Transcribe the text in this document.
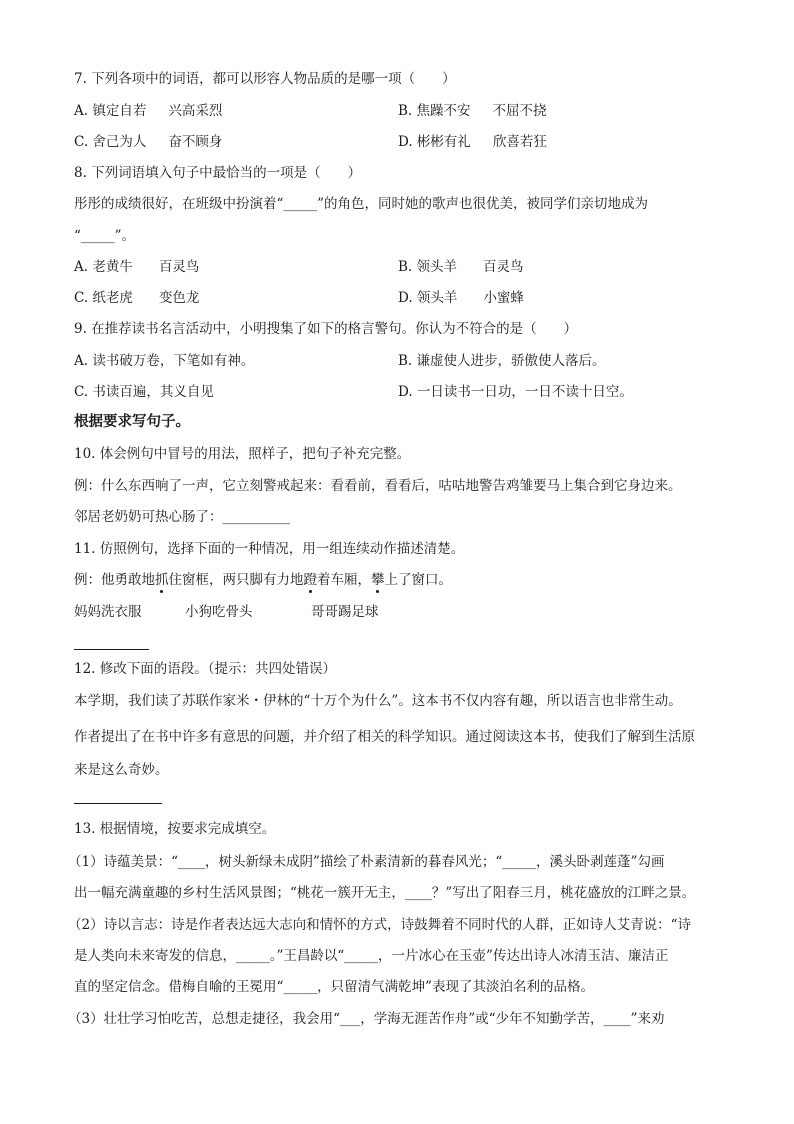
7. 下列各项中的词语，都可以形容人物品质的是哪一项（　　）

A. 镇定自若 兴高采烈	B. 焦躁不安 不屈不挠
C. 舍己为人 奋不顾身	D. 彬彬有礼 欣喜若狂

8. 下列词语填入句子中最恰当的一项是（　　）

彤彤的成绩很好，在班级中扮演着“_____”的角色，同时她的歌声也很优美，被同学们亲切地成为

“_____”。

A. 老黄牛 百灵鸟	B. 领头羊 百灵鸟
C. 纸老虎 变色龙	D. 领头羊 小蜜蜂

9. 在推荐读书名言活动中，小明搜集了如下的格言警句。你认为不符合的是（　　）

A. 读书破万卷，下笔如有神。	B. 谦虚使人进步，骄傲使人落后。
C. 书读百遍，其义自见	D. 一日读书一日功，一日不读十日空。

根据要求写句子。

10. 体会例句中冒号的用法，照样子，把句子补充完整。

例：什么东西响了一声，它立刻警戒起来：看看前，看看后，咕咕地警告鸡雏要马上集合到它身边来。

邻居老奶奶可热心肠了：__________

11. 仿照例句，选择下面的一种情况，用一组连续动作描述清楚。

例：他勇敢地抓住窗框，两只脚有力地蹬着车厢，攀上了窗口。

妈妈洗衣服	小狗吃骨头	哥哥踢足球

12. 修改下面的语段。（提示：共四处错误）

本学期，我们读了苏联作家米・伊林的“十万个为什么”。这本书不仅内容有趣，所以语言也非常生动。

作者提出了在书中许多有意思的问题，并介绍了相关的科学知识。通过阅读这本书，使我们了解到生活原

来是这么奇妙。

13. 根据情境，按要求完成填空。

（1）诗蕴美景：“____，树头新绿未成阴”描绘了朴素清新的暮春风光；“_____，溪头卧剥莲蓬”勾画

出一幅充满童趣的乡村生活风景图；“桃花一簇开无主，____？”写出了阳春三月，桃花盛放的江畔之景。

（2）诗以言志：诗是作者表达远大志向和情怀的方式，诗鼓舞着不同时代的人群，正如诗人艾青说：“诗

是人类向未来寄发的信息，_____。”王昌龄以“_____，一片冰心在玉壶”传达出诗人冰清玉洁、廉洁正

直的坚定信念。借梅自喻的王冕用“_____，只留清气满乾坤”表现了其淡泊名利的品格。

（3）壮壮学习怕吃苦，总想走捷径，我会用“___，学海无涯苦作舟”或“少年不知勤学苦，____”来劝
